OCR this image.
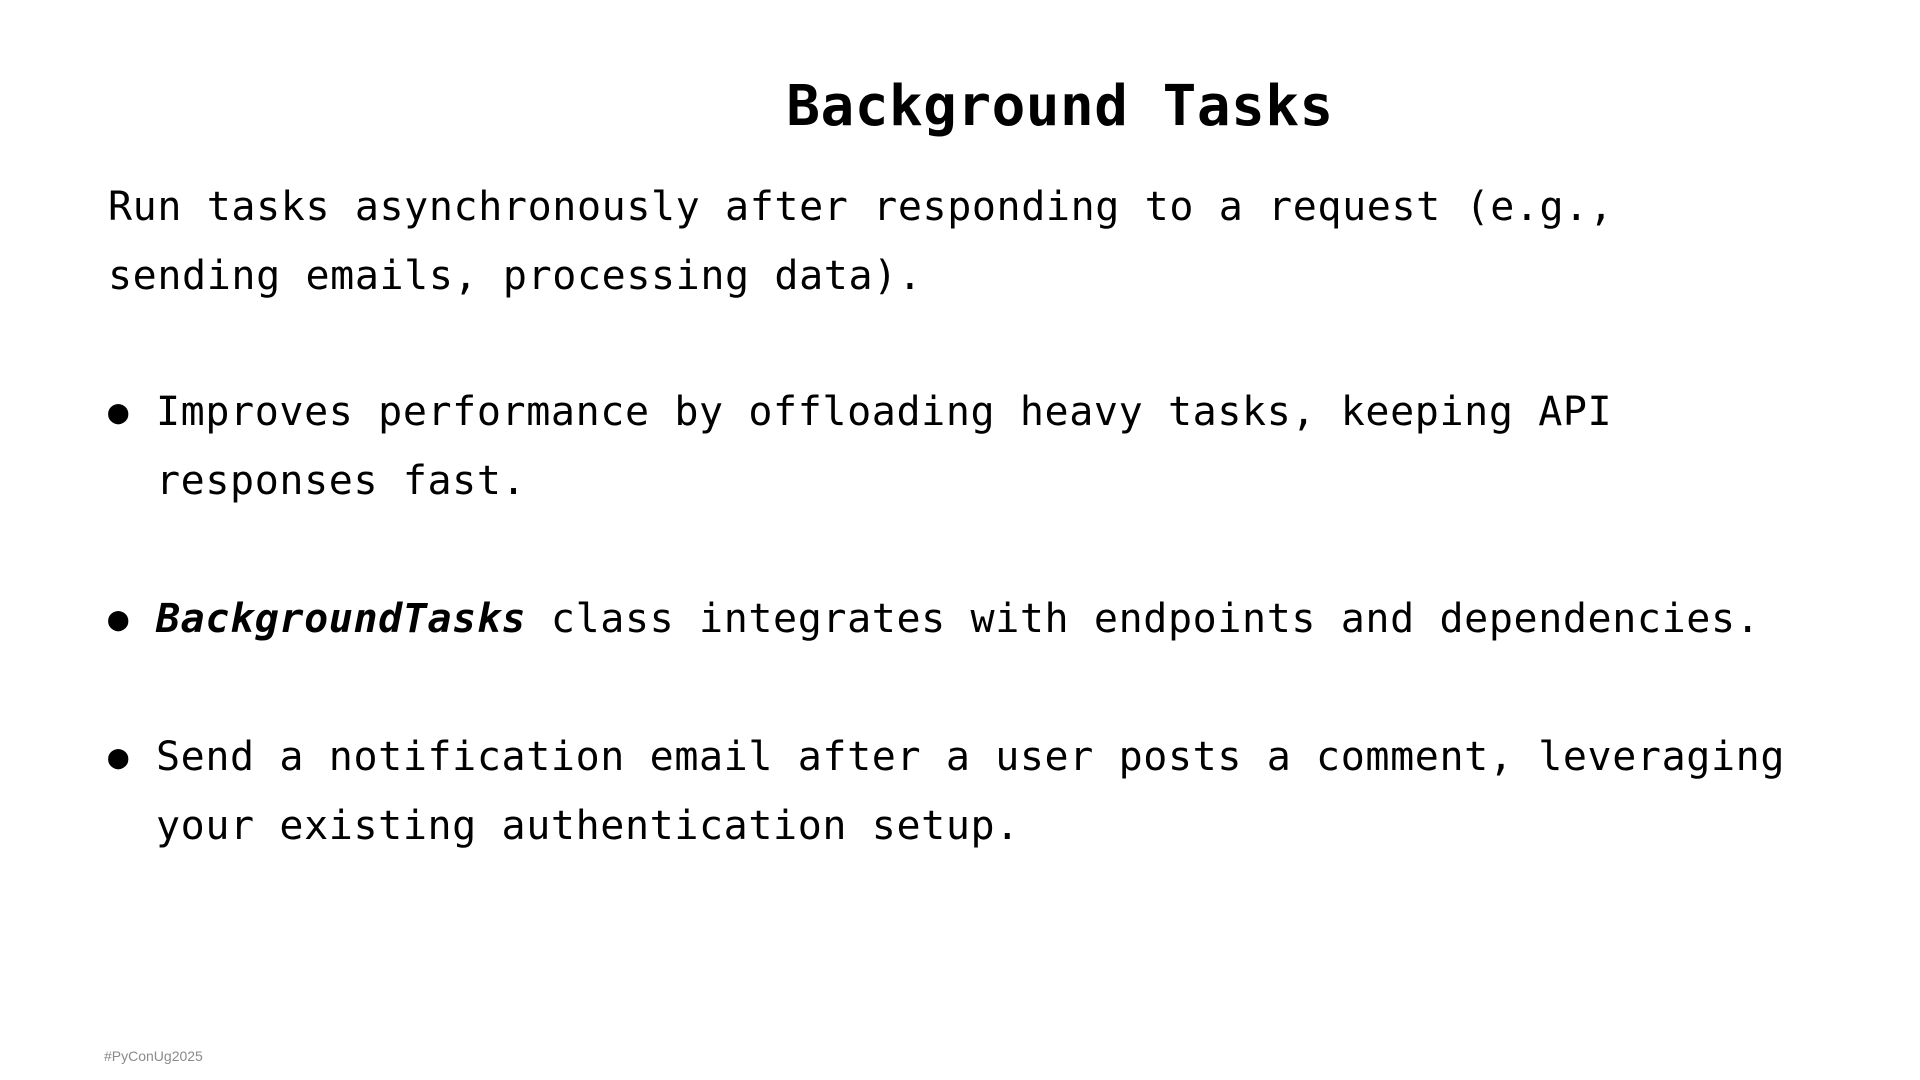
Background Tasks

Run tasks asynchronously after responding to a request (e.g., sending emails, processing data).

● Improves performance by offloading heavy tasks, keeping API responses fast.
● BackgroundTasks class integrates with endpoints and dependencies.
● Send a notification email after a user posts a comment, leveraging your existing authentication setup.
#PyConUg2025
